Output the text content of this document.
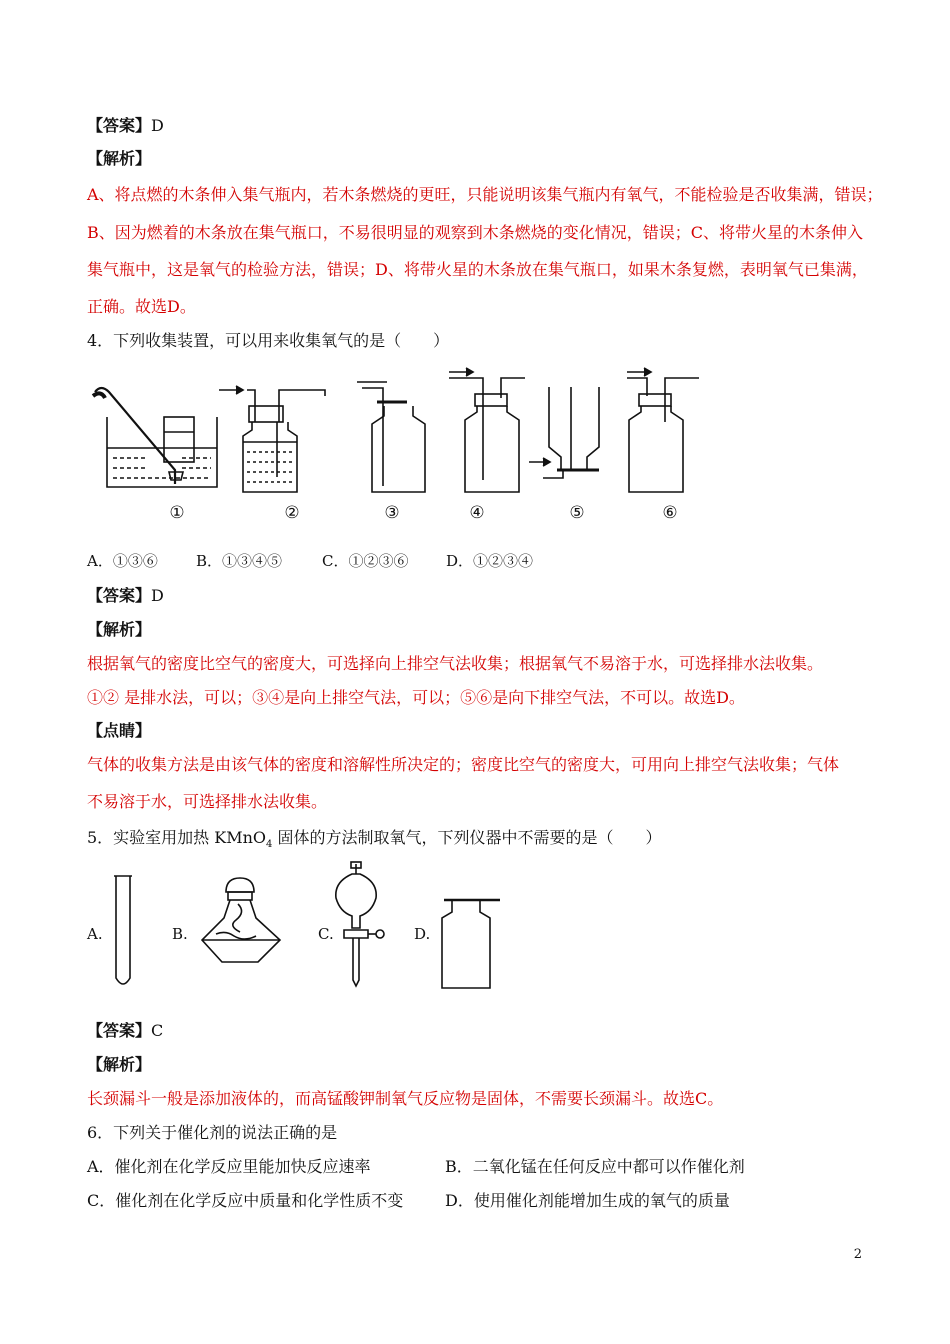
【答案】D
【解析】
A、将点燃的木条伸入集气瓶内，若木条燃烧的更旺，只能说明该集气瓶内有氧气，不能检验是否收集满，错误；
B、因为燃着的木条放在集气瓶口，不易很明显的观察到木条燃烧的变化情况，错误；C、将带火星的木条伸入
集气瓶中，这是氧气的检验方法，错误；D、将带火星的木条放在集气瓶口，如果木条复燃，表明氧气已集满，
正确。故选D。
4．下列收集装置，可以用来收集氧气的是（　　）
①	②	③	④	⑤	⑥
A．①③⑥	B．①③④⑤	C．①②③⑥	D．①②③④
【答案】D
【解析】
根据氧气的密度比空气的密度大，可选择向上排空气法收集；根据氧气不易溶于水，可选择排水法收集。
①② 是排水法，可以；③④是向上排空气法，可以；⑤⑥是向下排空气法，不可以。故选D。
【点睛】
气体的收集方法是由该气体的密度和溶解性所决定的；密度比空气的密度大，可用向上排空气法收集；气体
不易溶于水，可选择排水法收集。
5．实验室用加热 KMnO$_4$ 固体的方法制取氧气，下列仪器中不需要的是（　　）
A.	B.	C.	D.
【答案】C
【解析】
长颈漏斗一般是添加液体的，而高锰酸钾制氧气反应物是固体，不需要长颈漏斗。故选C。
6．下列关于催化剂的说法正确的是
A．催化剂在化学反应里能加快反应速率	B．二氧化锰在任何反应中都可以作催化剂
C．催化剂在化学反应中质量和化学性质不变	D．使用催化剂能增加生成的氧气的质量
2
